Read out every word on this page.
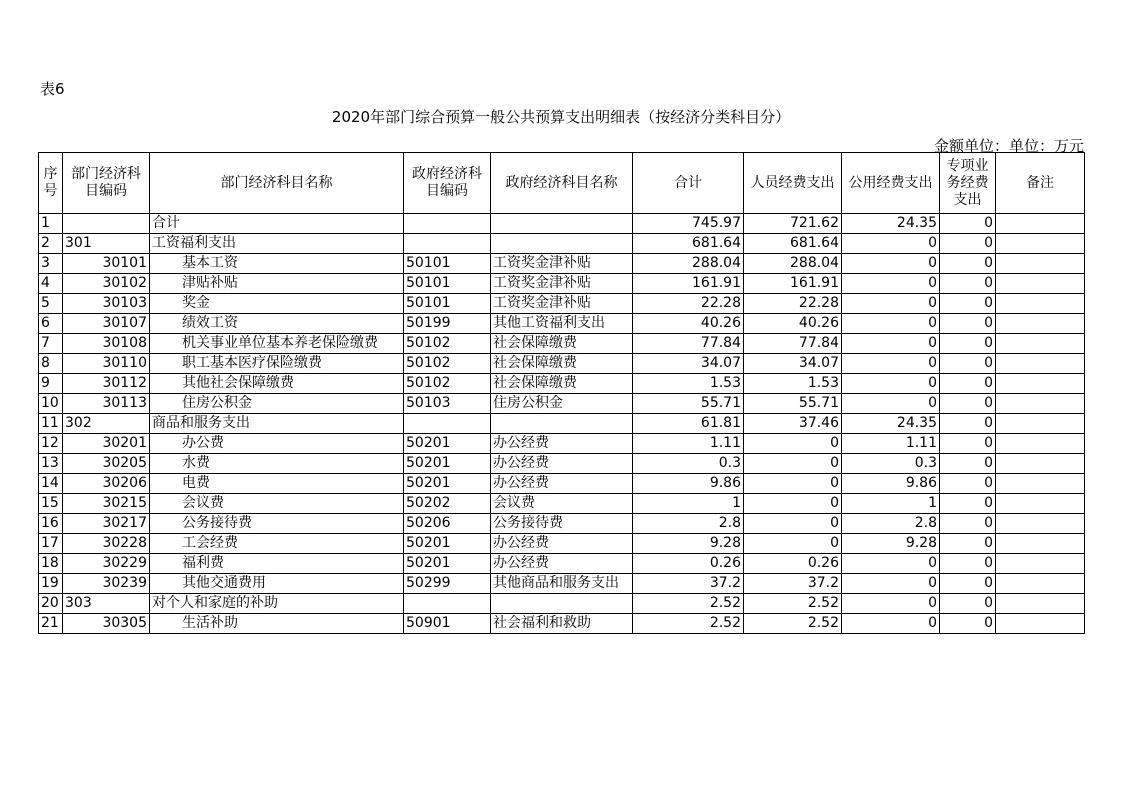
表6
2020年部门综合预算一般公共预算支出明细表（按经济分类科目分）
金额单位：单位：万元
序号	部门经济科目编码	部门经济科目名称	政府经济科目编码	政府经济科目名称	合计	人员经费支出	公用经费支出	专项业务经费支出	备注
1		合计			745.97	721.62	24.35	0	
2	301	工资福利支出			681.64	681.64	0	0	
3	30101	基本工资	50101	工资奖金津补贴	288.04	288.04	0	0	
4	30102	津贴补贴	50101	工资奖金津补贴	161.91	161.91	0	0	
5	30103	奖金	50101	工资奖金津补贴	22.28	22.28	0	0	
6	30107	绩效工资	50199	其他工资福利支出	40.26	40.26	0	0	
7	30108	机关事业单位基本养老保险缴费	50102	社会保障缴费	77.84	77.84	0	0	
8	30110	职工基本医疗保险缴费	50102	社会保障缴费	34.07	34.07	0	0	
9	30112	其他社会保障缴费	50102	社会保障缴费	1.53	1.53	0	0	
10	30113	住房公积金	50103	住房公积金	55.71	55.71	0	0	
11	302	商品和服务支出			61.81	37.46	24.35	0	
12	30201	办公费	50201	办公经费	1.11	0	1.11	0	
13	30205	水费	50201	办公经费	0.3	0	0.3	0	
14	30206	电费	50201	办公经费	9.86	0	9.86	0	
15	30215	会议费	50202	会议费	1	0	1	0	
16	30217	公务接待费	50206	公务接待费	2.8	0	2.8	0	
17	30228	工会经费	50201	办公经费	9.28	0	9.28	0	
18	30229	福利费	50201	办公经费	0.26	0.26	0	0	
19	30239	其他交通费用	50299	其他商品和服务支出	37.2	37.2	0	0	
20	303	对个人和家庭的补助			2.52	2.52	0	0	
21	30305	生活补助	50901	社会福利和救助	2.52	2.52	0	0	
